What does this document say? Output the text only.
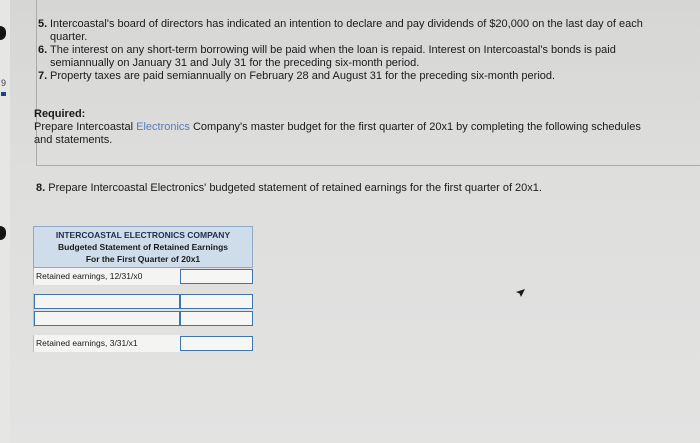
9
5. Intercoastal's board of directors has indicated an intention to declare and pay dividends of $20,000 on the last day of each quarter.
6. The interest on any short-term borrowing will be paid when the loan is repaid. Interest on Intercoastal's bonds is paid semiannually on January 31 and July 31 for the preceding six-month period.
7. Property taxes are paid semiannually on February 28 and August 31 for the preceding six-month period.
Required:
Prepare Intercoastal Electronics Company's master budget for the first quarter of 20x1 by completing the following schedules and statements.
8. Prepare Intercoastal Electronics' budgeted statement of retained earnings for the first quarter of 20x1.
INTERCOASTAL ELECTRONICS COMPANY
Budgeted Statement of Retained Earnings
For the First Quarter of 20x1
Retained earnings, 12/31/x0
Retained earnings, 3/31/x1
